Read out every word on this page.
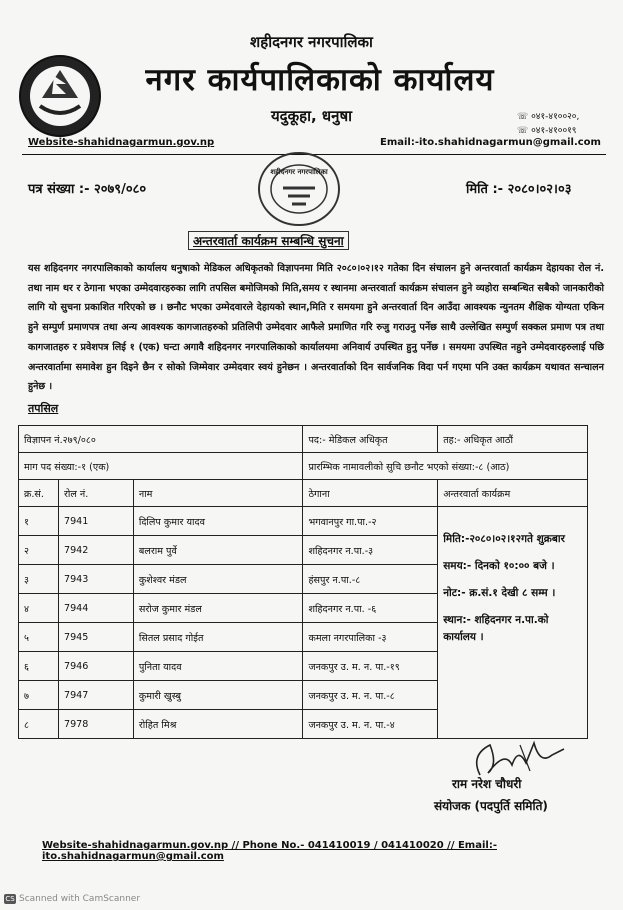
शहीदनगर नगरपालिका
नगर कार्यपालिकाको कार्यालय
यदुकूहा, धनुषा	☏ ०४१-४१००२०,
☏ ०४१-४१००१९
Website-shahidnagarmun.gov.np	Email:-ito.shahidnagarmun@gmail.com
शहीदनगर नगरपालिका
पत्र संख्या :- २०७९/०८०	मिति :- २०८०।०२।०३
अन्तरवार्ता कार्यक्रम सम्बन्धि सुचना
यस शहिदनगर नगरपालिकाको कार्यालय धनुषाको मेडिकल अधिकृतको विज्ञापनमा मिति २०८०।०२।१२ गतेका दिन संचालन हुने अन्तरवार्ता कार्यक्रम देहायका रोल नं. तथा नाम थर र ठेगाना भएका उम्मेदवारहरुका लागि तपसिल बमोजिमको मिति,समय र स्थानमा अन्तरवार्ता कार्यक्रम संचालन हुने व्यहोरा सम्बन्धित सबैको जानकारीको लागि यो सुचना प्रकाशित गरिएको छ । छनौट भएका उम्मेदवारले देहायको स्थान,मिति र समयमा हुने अन्तरवार्ता दिन आउँदा आवश्यक न्युनतम शैक्षिक योग्यता एकिन हुने सम्पुर्ण प्रमाणपत्र तथा अन्य आवश्यक कागजातहरुको प्रतिलिपी उम्मेदवार आफैले प्रमाणित गरि रुजु गराउनु पर्नेछ साथै उल्लेखित सम्पुर्ण सक्कल प्रमाण पत्र तथा कागजातहरु र प्रवेशपत्र लिई १ (एक) घन्टा अगावै शहिदनगर नगरपालिकाको कार्यालयमा अनिवार्य उपस्थित हुनु पर्नेछ । समयमा उपस्थित नहुने उम्मेदवारहरुलाई पछि अन्तरवार्तामा समावेश हुन दिइने छैन र सोको जिम्मेवार उम्मेदवार स्वयं हुनेछन । अन्तरवार्ताको दिन सार्वजनिक विदा पर्न गएमा पनि उक्त कार्यक्रम यथावत सन्चालन हुनेछ ।
तपसिल
विज्ञापन नं.२७९/०८०			पद:- मेडिकल अधिकृत	तह:- अधिकृत आठौं
माग पद संख्या:-१ (एक)			प्रारम्भिक नामावलीको सुचि छनौट भएको संख्या:-८ (आठ)	
क्र.सं.	रोल नं.	नाम	ठेगाना	अन्तरवार्ता कार्यक्रम
१	7941	दिलिप कुमार यादव	भगवानपुर गा.पा.-२	मिति:-२०८०।०२।१२गते शुक्रबार
समय:- दिनको १०:०० बजे ।
नोट:- क्र.सं.१ देखी ८ सम्म ।
स्थान:- शहिदनगर न.पा.को कार्यालय ।

२	7942	बलराम पुर्वे	शहिदनगर न.पा.-३	
३	7943	कुशेश्वर मंडल	हंसपुर न.पा.-८	
४	7944	सरोज कुमार मंडल	शहिदनगर न.पा. -६	
५	7945	सितल प्रसाद गोईत	कमला नगरपालिका -३	
६	7946	पुनिता यादव	जनकपुर उ. म. न. पा.-१९	
७	7947	कुमारी खुस्बु	जनकपुर उ. म. न. पा.-८	
८	7978	रोहित मिश्र	जनकपुर उ. म. न. पा.-४	
राम नरेश चौधरी
संयोजक (पदपुर्ति समिति)
Website-shahidnagarmun.gov.np // Phone No.- 041410019 / 041410020 // Email:-ito.shahidnagarmun@gmail.com
CS Scanned with CamScanner
